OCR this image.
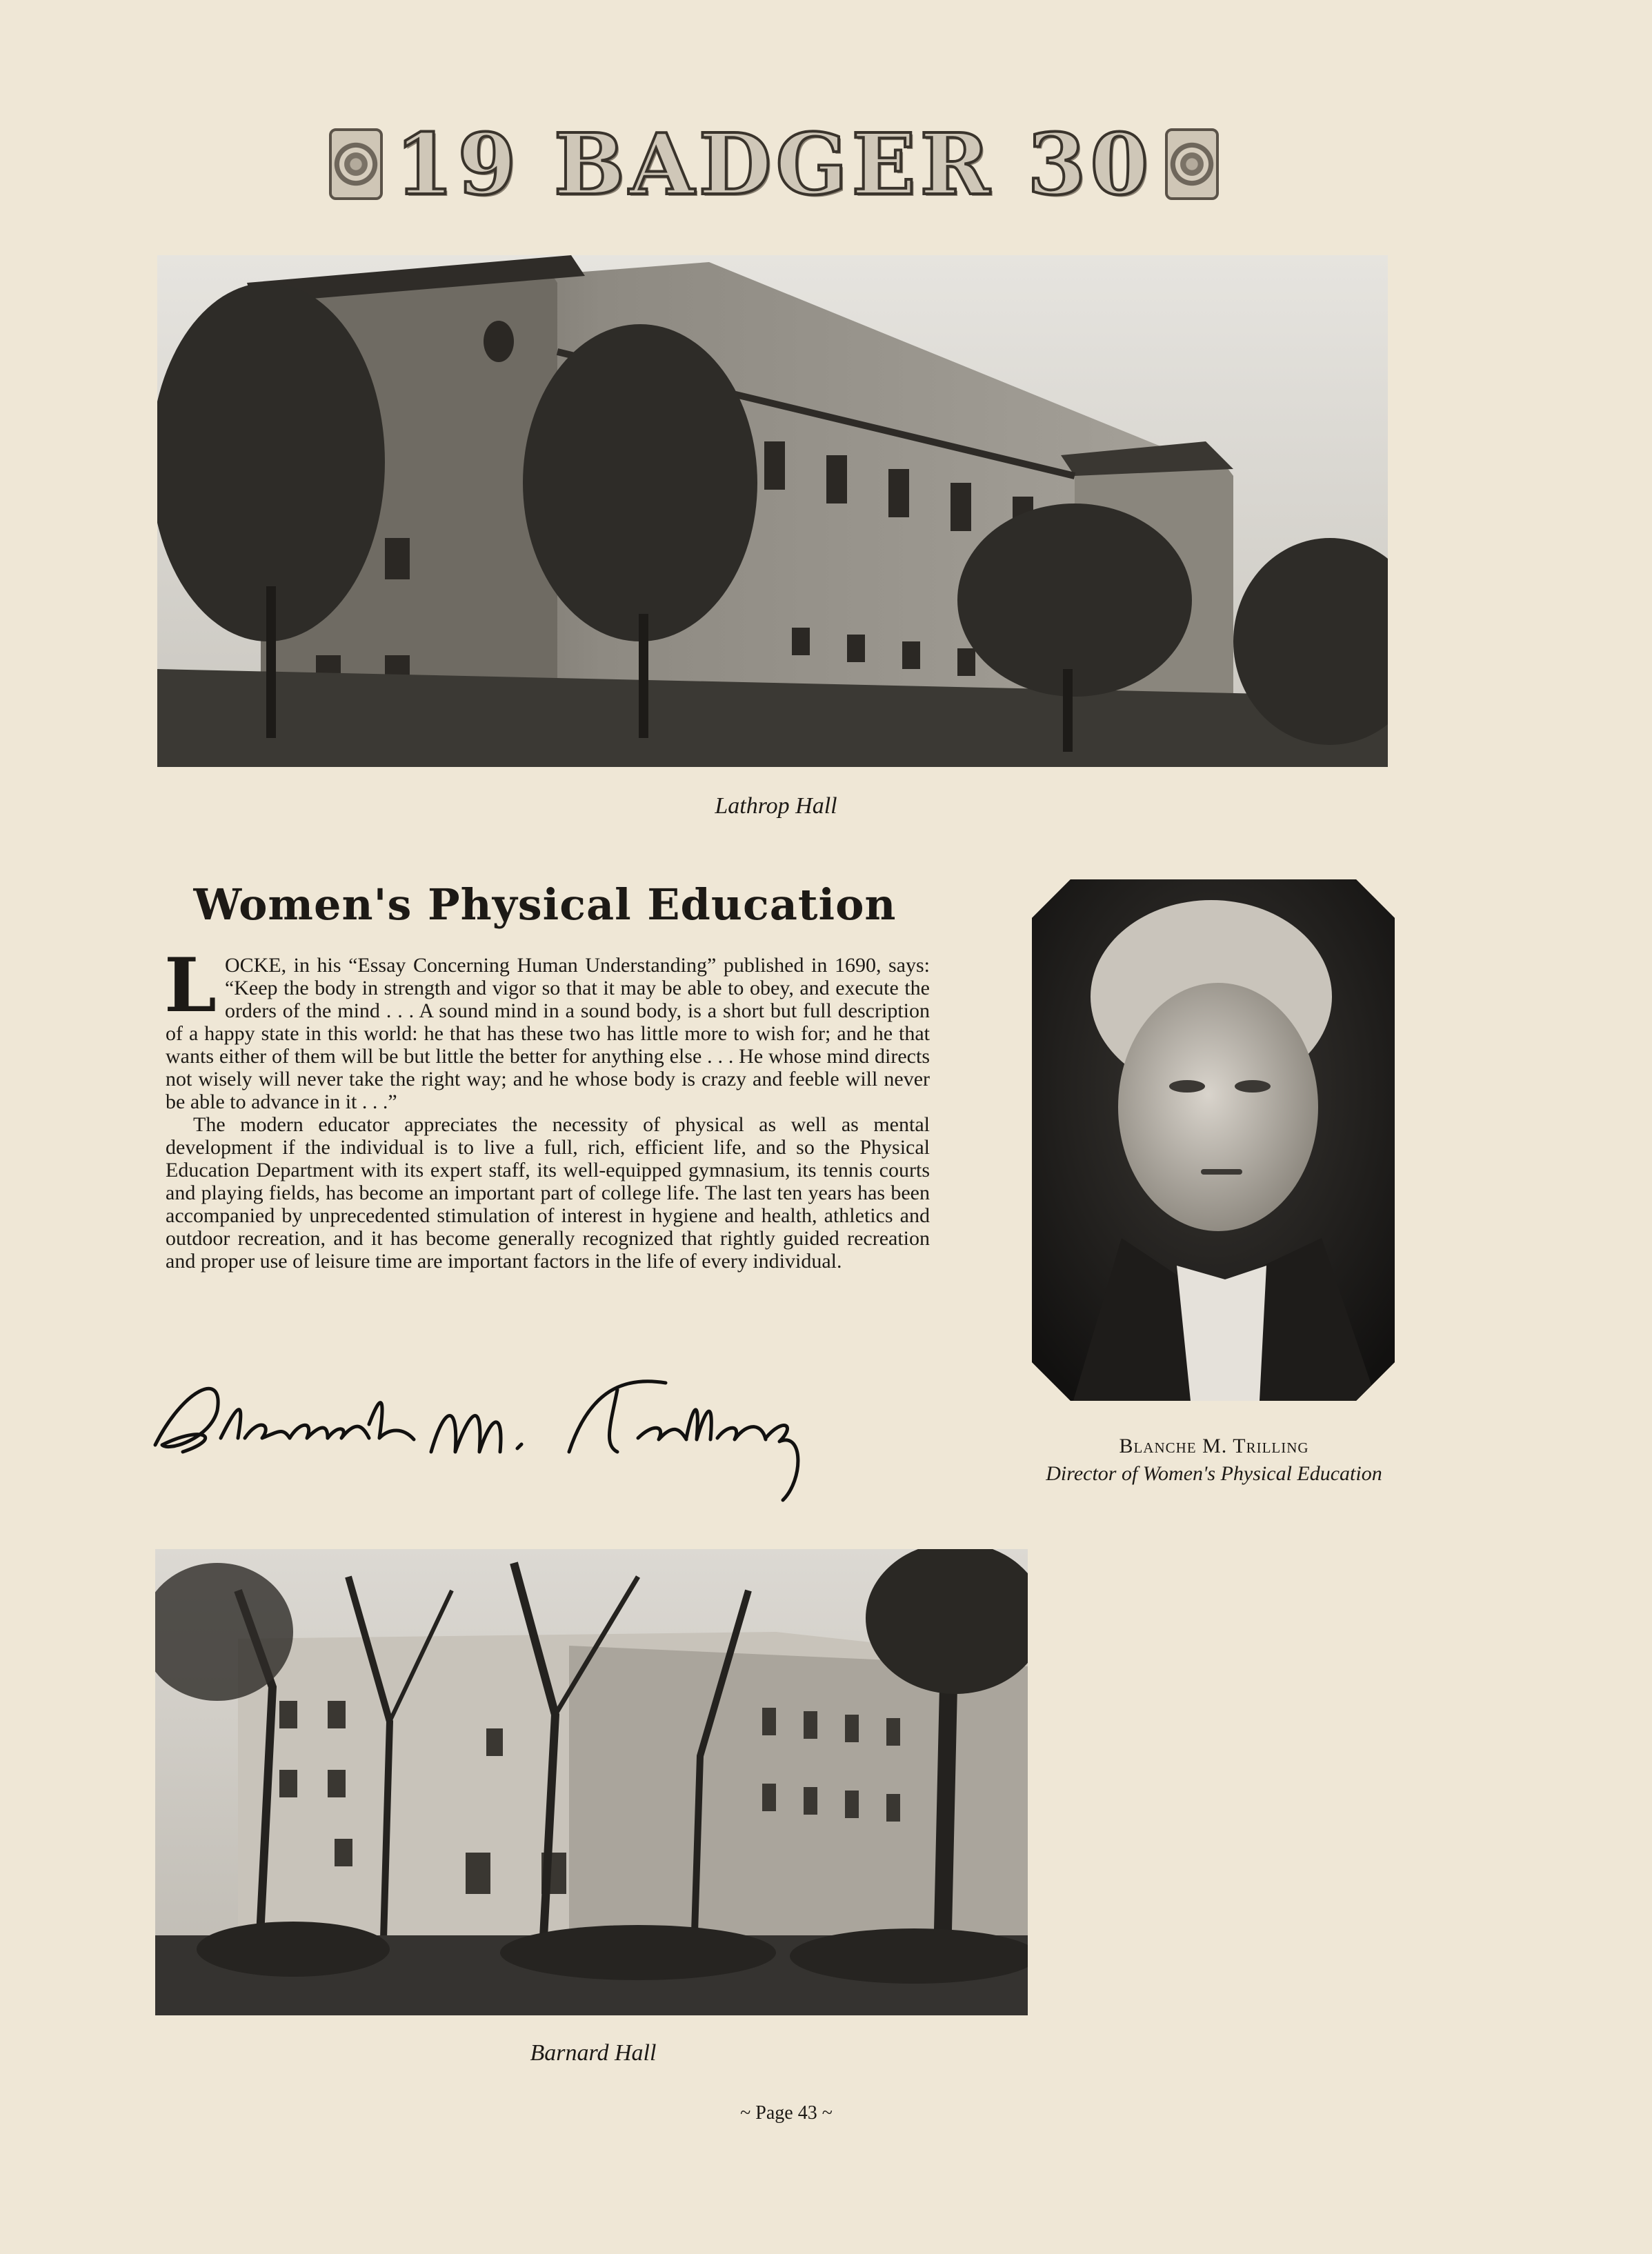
19 BADGER 30
Lathrop Hall
Women's Physical Education

LOCKE, in his “Essay Concerning Human Understanding” published in 1690, says: “Keep the body in strength and vigor so that it may be able to obey, and execute the orders of the mind . . . A sound mind in a sound body, is a short but full description of a happy state in this world: he that has these two has little more to wish for; and he that wants either of them will be but little the better for anything else . . . He whose mind directs not wisely will never take the right way; and he whose body is crazy and feeble will never be able to advance in it . . .”

The modern educator appreciates the necessity of physical as well as mental development if the individual is to live a full, rich, efficient life, and so the Physical Education Department with its expert staff, its well-equipped gymnasium, its tennis courts and playing fields, has become an important part of college life. The last ten years has been accompanied by unprecedented stimulation of interest in hygiene and health, athletics and outdoor recreation, and it has become generally recognized that rightly guided recreation and proper use of leisure time are important factors in the life of every individual.

Blanche M. Trilling
Director of Women's Physical Education
Barnard Hall
~ Page 43 ~
